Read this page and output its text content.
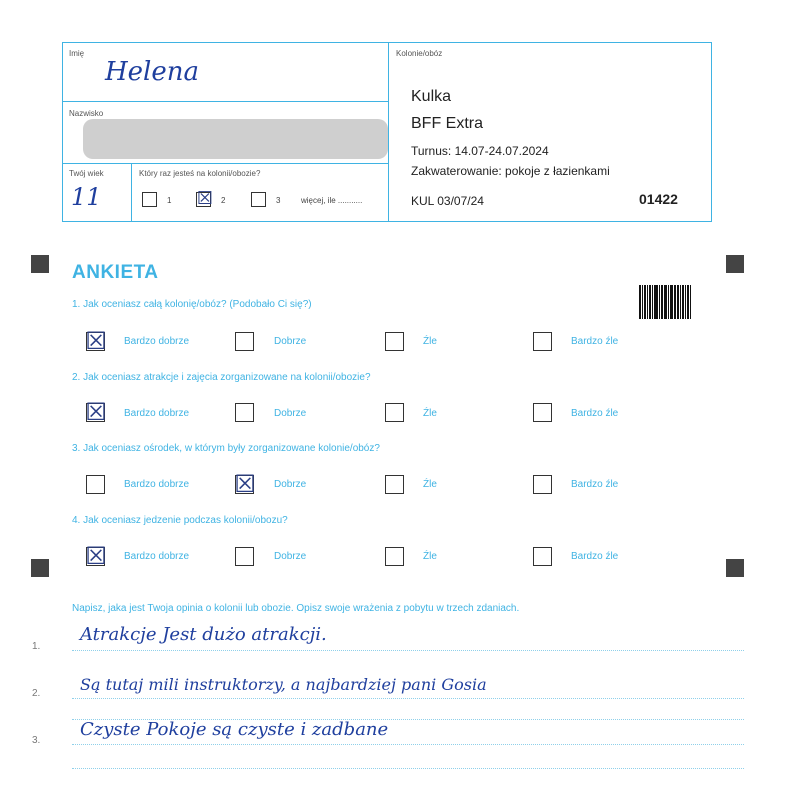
Imię
Helena
Nazwisko
Twój wiek
11
Który raz jesteś na kolonii/obozie?
1 ☒ 2	3	więcej, ile ...........
Kolonie/obóz
Kulka
BFF Extra
Turnus: 14.07-24.07.2024
Zakwaterowanie: pokoje z łazienkami
KUL 03/07/24	01422
ANKIETA
1. Jak oceniasz całą kolonię/obóz? (Podobało Ci się?)
☒ Bardzo dobrze	Dobrze	Źle	Bardzo źle
2. Jak oceniasz atrakcje i zajęcia zorganizowane na kolonii/obozie?
☒ Bardzo dobrze	Dobrze	Źle	Bardzo źle
3. Jak oceniasz ośrodek, w którym były zorganizowane kolonie/obóz?
Bardzo dobrze ☒ Dobrze	Źle	Bardzo źle
4. Jak oceniasz jedzenie podczas kolonii/obozu?
☒ Bardzo dobrze	Dobrze	Źle	Bardzo źle
Napisz, jaka jest Twoja opinia o kolonii lub obozie. Opisz swoje wrażenia z pobytu w trzech zdaniach.
1.
Atrakcje Jest dużo atrakcji.
2. Są tutaj mili instruktorzy, a najbardziej pani Gosia
3.
Czyste Pokoje są czyste i zadbane
